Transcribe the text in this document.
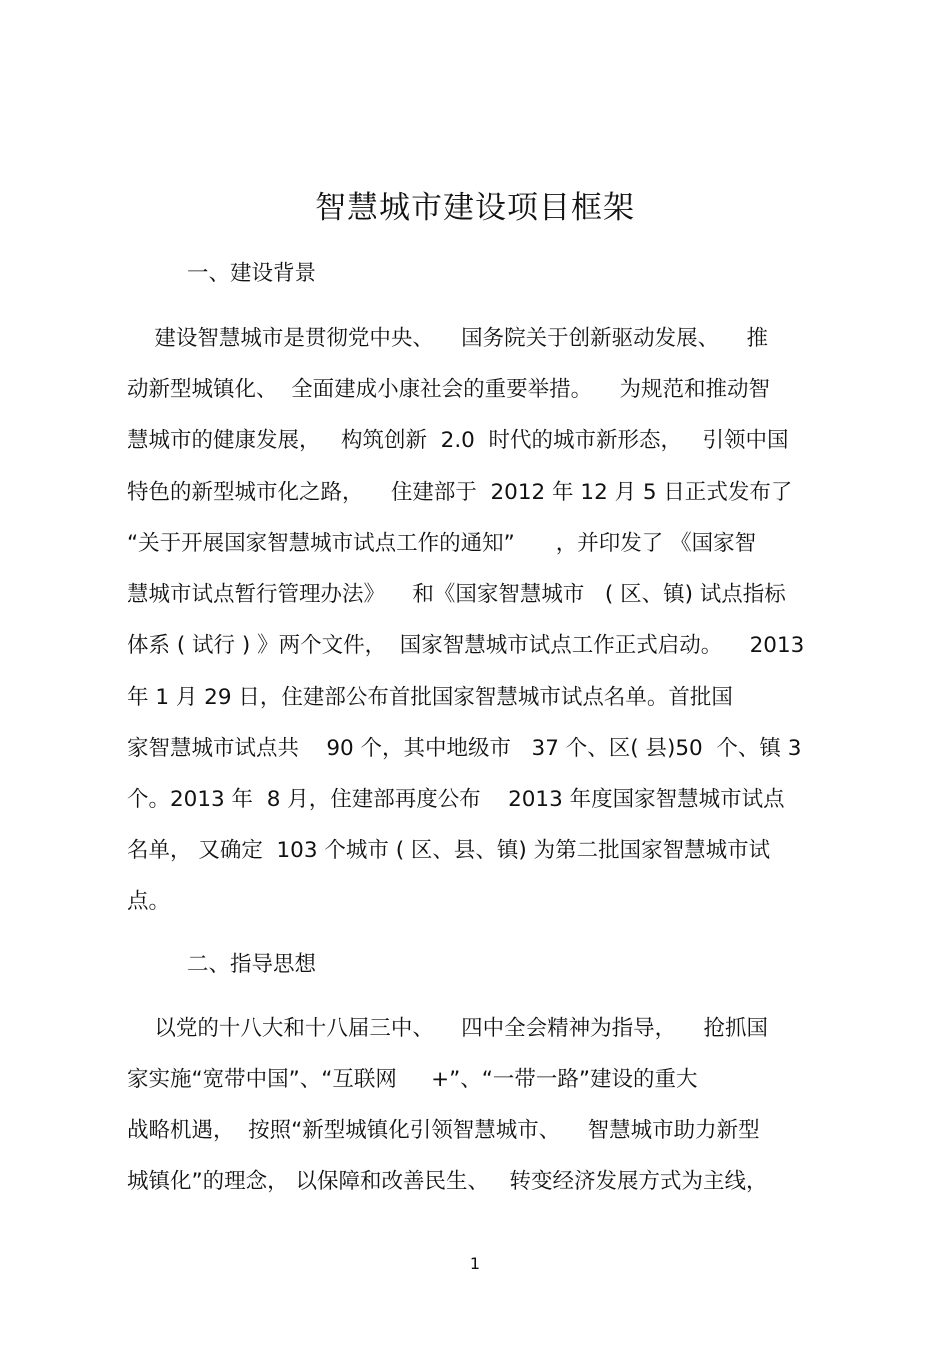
智慧城市建设项目框架
一、建设背景
建设智慧城市是贯彻党中央、    国务院关于创新驱动发展、    推
动新型城镇化、  全面建成小康社会的重要举措。    为规范和推动智
慧城市的健康发展，   构筑创新  2.0  时代的城市新形态，   引领中国
特色的新型城市化之路，    住建部于  2012 年 12 月 5 日正式发布了
“关于开展国家智慧城市试点工作的通知”      ，并印发了 《国家智
慧城市试点暂行管理办法》    和《国家智慧城市   ( 区、镇) 试点指标
体系 ( 试行 ) 》两个文件，  国家智慧城市试点工作正式启动。    2013
年 1 月 29 日，住建部公布首批国家智慧城市试点名单。首批国
家智慧城市试点共    90 个，其中地级市   37 个、区( 县)50  个、镇 3
个。2013 年  8 月，住建部再度公布    2013 年度国家智慧城市试点
名单， 又确定  103 个城市 ( 区、县、镇) 为第二批国家智慧城市试
点。
二、指导思想
以党的十八大和十八届三中、    四中全会精神为指导，    抢抓国
家实施“宽带中国”、“互联网     +”、“一带一路”建设的重大
战略机遇，  按照“新型城镇化引领智慧城市、    智慧城市助力新型
城镇化”的理念， 以保障和改善民生、   转变经济发展方式为主线，
1
